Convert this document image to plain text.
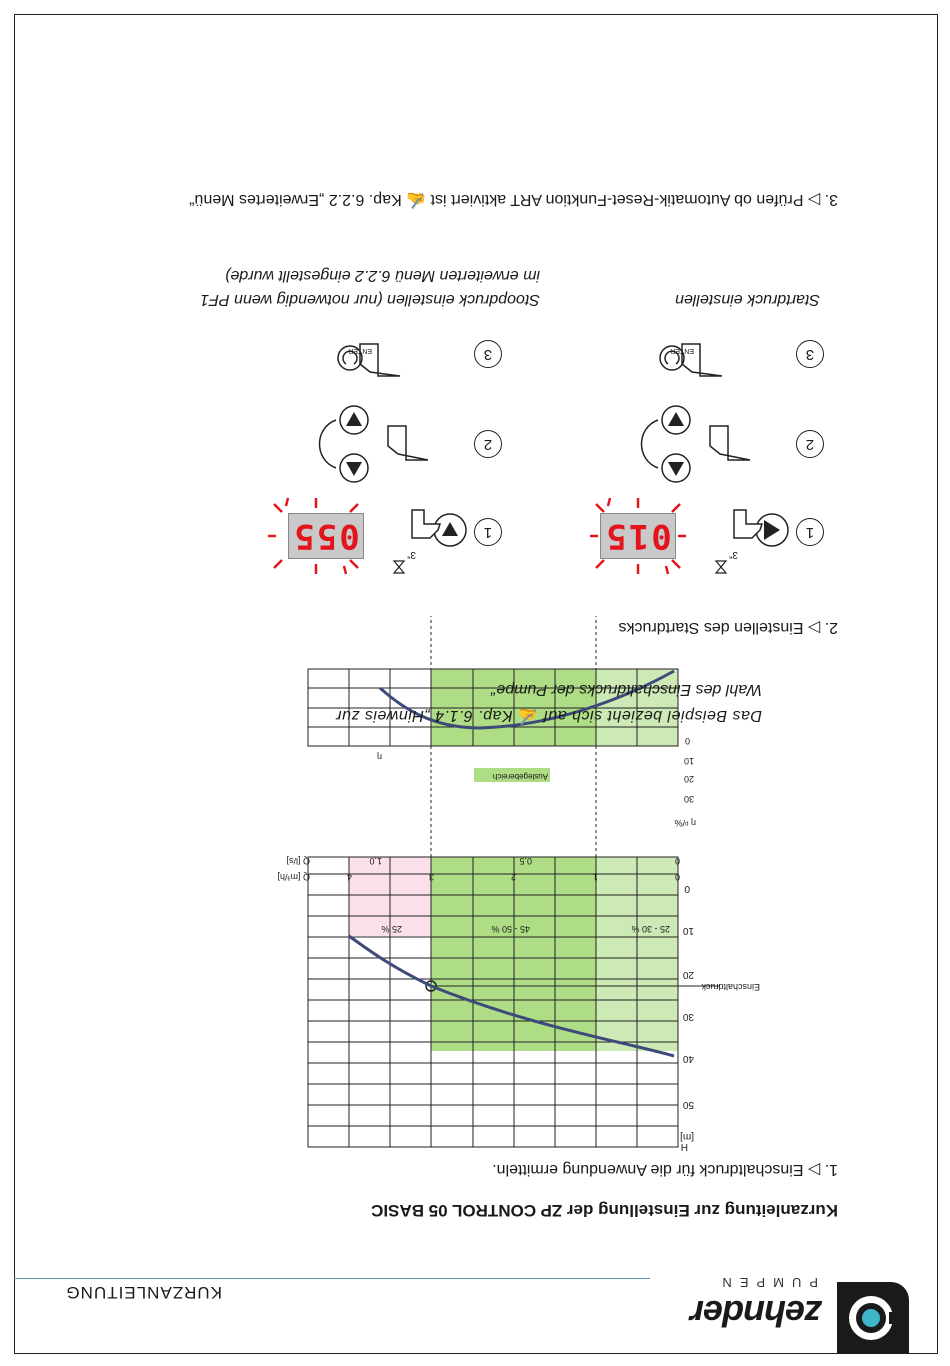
KURZANLEITUNG
zehnder
PUMPEN
Kurzanleitung zur Einstellung der ZP CONTROL 05 BASIC
1. ▷ Einschaltdruck für die Anwendung ermitteln.
H
[m]
50
40
30
20
10
0
Einschaltdruck
25 - 30 %
45 - 50 %
25 %
0
1
2
3
4
Q [m³/h]
0
0,5
1,0
Q [l/s]
Auslegebereich
η ᵖ/%
30
20
10
0
η
Das Beispiel bezieht sich auf ✍ Kap. 6.1.4 „Hinweis zur
Wahl des Einschaltdrucks der Pumpe“
2. ▷ Einstellen des Startdrucks
1
3“
015
2
3
ENTER
Startdruck einstellen
1
3“
055
2
3
ENTER
Stoopdruck einstellen (nur notwendig wenn PF1
im erweiterten Menü 6.2.2 eingestellt wurde)
3. ▷ Prüfen ob Automatik-Reset-Funktion ART aktiviert ist ✍ Kap. 6.2.2 „Erweitertes Menü“
